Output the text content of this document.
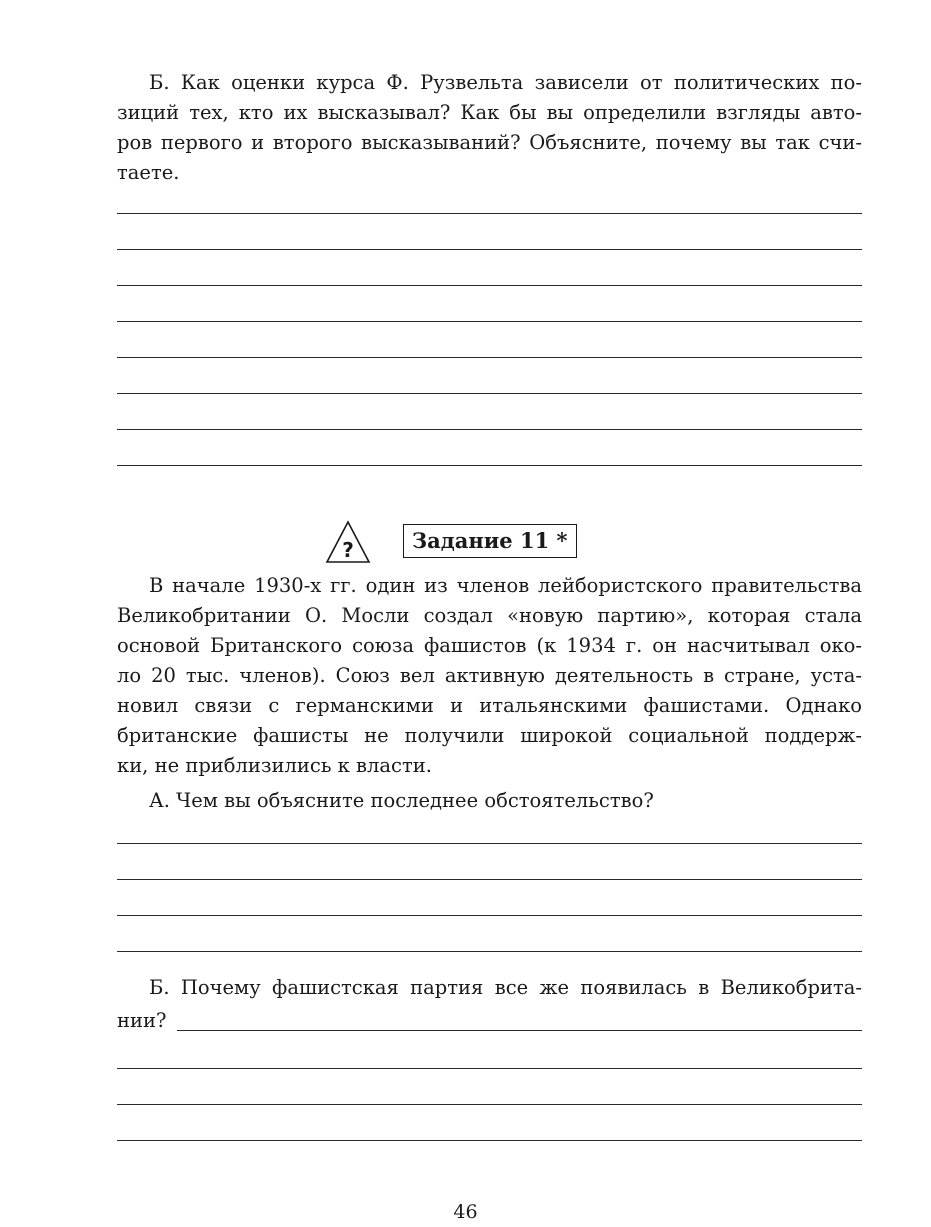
Б. Как оценки курса Ф. Рузвельта зависели от политических по-
зиций тех, кто их высказывал? Как бы вы определили взгляды авто-
ров первого и второго высказываний? Объясните, почему вы так счи-
таете.
?	Задание 11 *
В начале 1930-х гг. один из членов лейбористского правительства
Великобритании О. Мосли создал «новую партию», которая стала
основой Британского союза фашистов (к 1934 г. он насчитывал око-
ло 20 тыс. членов). Союз вел активную деятельность в стране, уста-
новил связи с германскими и итальянскими фашистами. Однако
британские фашисты не получили широкой социальной поддерж-
ки, не приблизились к власти.
А. Чем вы объясните последнее обстоятельство?
Б. Почему фашистская партия все же появилась в Великобрита-
нии?
46
